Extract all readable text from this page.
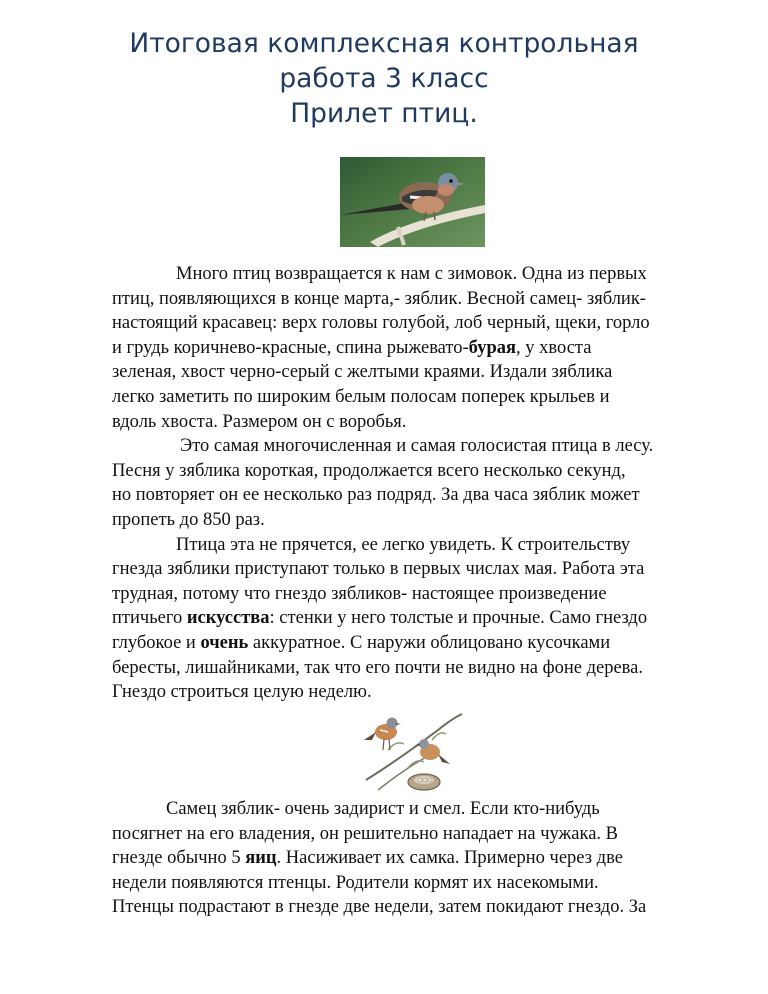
Итоговая комплексная контрольная
работа 3 класс
Прилет птиц.

Много птиц возвращается к нам с зимовок. Одна из первых
птиц, появляющихся в конце марта,- зяблик. Весной самец- зяблик-
настоящий красавец: верх головы голубой, лоб черный, щеки, горло
и грудь коричнево-красные, спина рыжевато-бурая, у хвоста
зеленая, хвост черно-серый с желтыми краями. Издали зяблика
легко заметить по широким белым полосам поперек крыльев и
вдоль хвоста. Размером он с воробья.

Это самая многочисленная и самая голосистая птица в лесу.
Песня у зяблика короткая, продолжается всего несколько секунд,
но повторяет он ее несколько раз подряд. За два часа зяблик может
пропеть до 850 раз.

Птица эта не прячется, ее легко увидеть. К строительству
гнезда зяблики приступают только в первых числах мая. Работа эта
трудная, потому что гнездо зябликов- настоящее произведение
птичьего искусства: стенки у него толстые и прочные. Само гнездо
глубокое и очень аккуратное. С наружи облицовано кусочками
бересты, лишайниками, так что его почти не видно на фоне дерева.
Гнездо строиться целую неделю.

Самец зяблик- очень задирист и смел. Если кто-нибудь
посягнет на его владения, он решительно нападает на чужака. В
гнезде обычно 5 яиц. Насиживает их самка. Примерно через две
недели появляются птенцы. Родители кормят их насекомыми.
Птенцы подрастают в гнезде две недели, затем покидают гнездо. За
